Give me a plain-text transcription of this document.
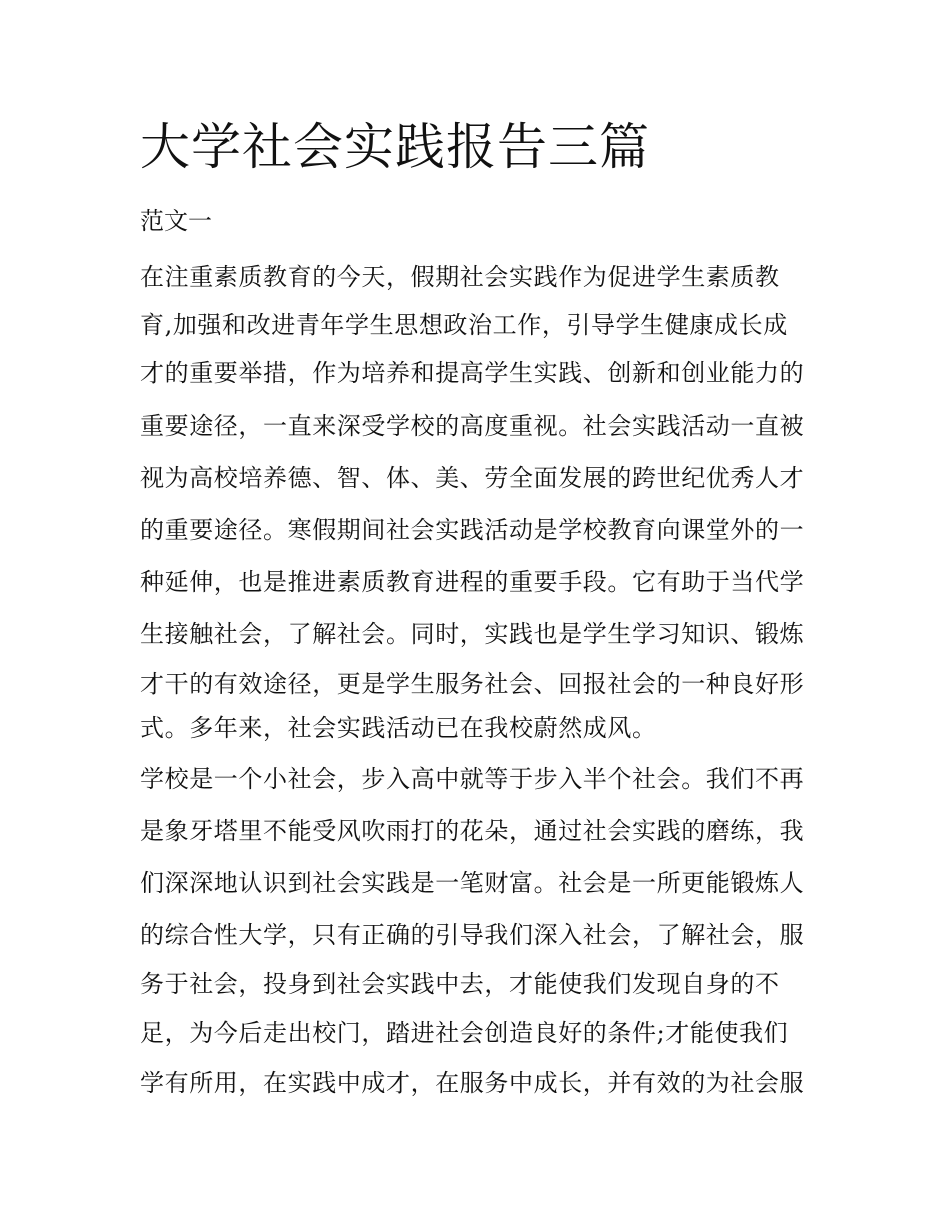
大学社会实践报告三篇
范文一
在注重素质教育的今天，假期社会实践作为促进学生素质教
育,加强和改进青年学生思想政治工作，引导学生健康成长成
才的重要举措，作为培养和提高学生实践、创新和创业能力的
重要途径，一直来深受学校的高度重视。社会实践活动一直被
视为高校培养德、智、体、美、劳全面发展的跨世纪优秀人才
的重要途径。寒假期间社会实践活动是学校教育向课堂外的一
种延伸，也是推进素质教育进程的重要手段。它有助于当代学
生接触社会，了解社会。同时，实践也是学生学习知识、锻炼
才干的有效途径，更是学生服务社会、回报社会的一种良好形
式。多年来，社会实践活动已在我校蔚然成风。
学校是一个小社会，步入高中就等于步入半个社会。我们不再
是象牙塔里不能受风吹雨打的花朵，通过社会实践的磨练，我
们深深地认识到社会实践是一笔财富。社会是一所更能锻炼人
的综合性大学，只有正确的引导我们深入社会，了解社会，服
务于社会，投身到社会实践中去，才能使我们发现自身的不
足，为今后走出校门，踏进社会创造良好的条件;才能使我们
学有所用，在实践中成才，在服务中成长，并有效的为社会服
